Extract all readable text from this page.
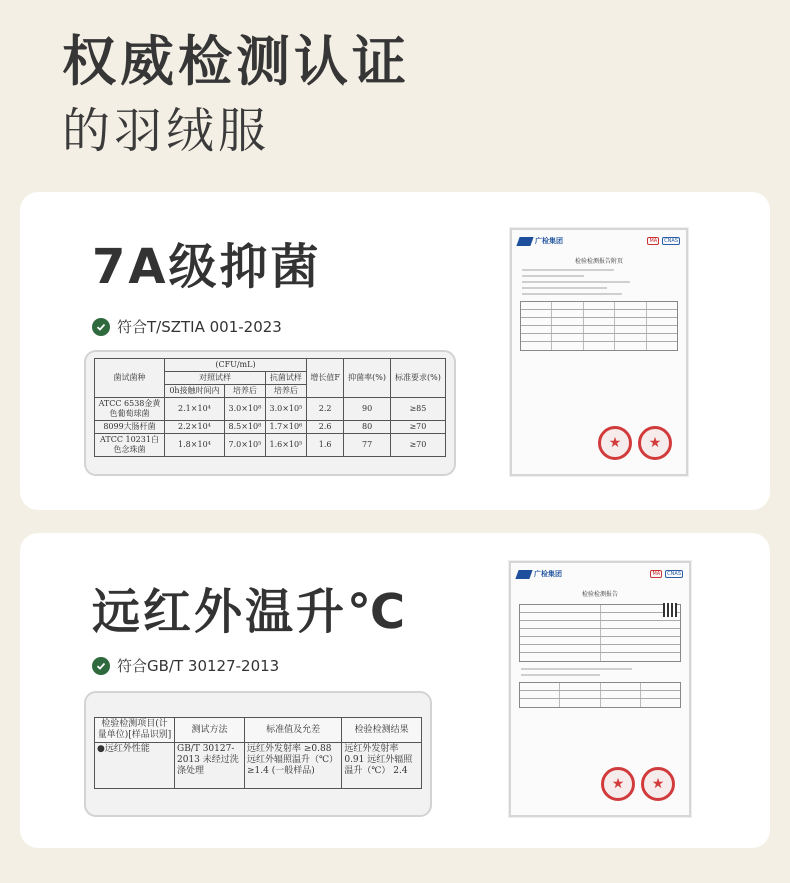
权威检测认证
的羽绒服
7A级抑菌
符合T/SZTIA 001-2023
菌试菌种	(CFU/mL)			增长值F	抑菌率(%)	标准要求(%)
	对照试样		抗菌试样			
	0h接触时间内	培养后	培养后			
ATCC 6538金黄色葡萄球菌	2.1×10⁴	3.0×10⁸	3.0×10⁵	2.2	90	≥85
8099大肠杆菌	2.2×10⁴	8.5×10⁸	1.7×10⁶	2.6	80	≥70
ATCC 10231白色念珠菌	1.8×10⁴	7.0×10⁵	1.6×10⁵	1.6	77	≥70
广检集团	MA	CNAS
检验检测报告附页
★	★
远红外温升℃
符合GB/T 30127-2013
检验检测项目(计量单位)[样品识别]	测试方法	标准值及允差	检验检测结果
●远红外性能	GB/T 30127-2013 未经过洗涤处理	远红外发射率 ≥0.88 远红外辐照温升（℃） ≥1.4 (一般样品)	远红外发射率 0.91 远红外辐照温升（℃） 2.4
广检集团	MA	CNAS
检验检测报告
★	★
